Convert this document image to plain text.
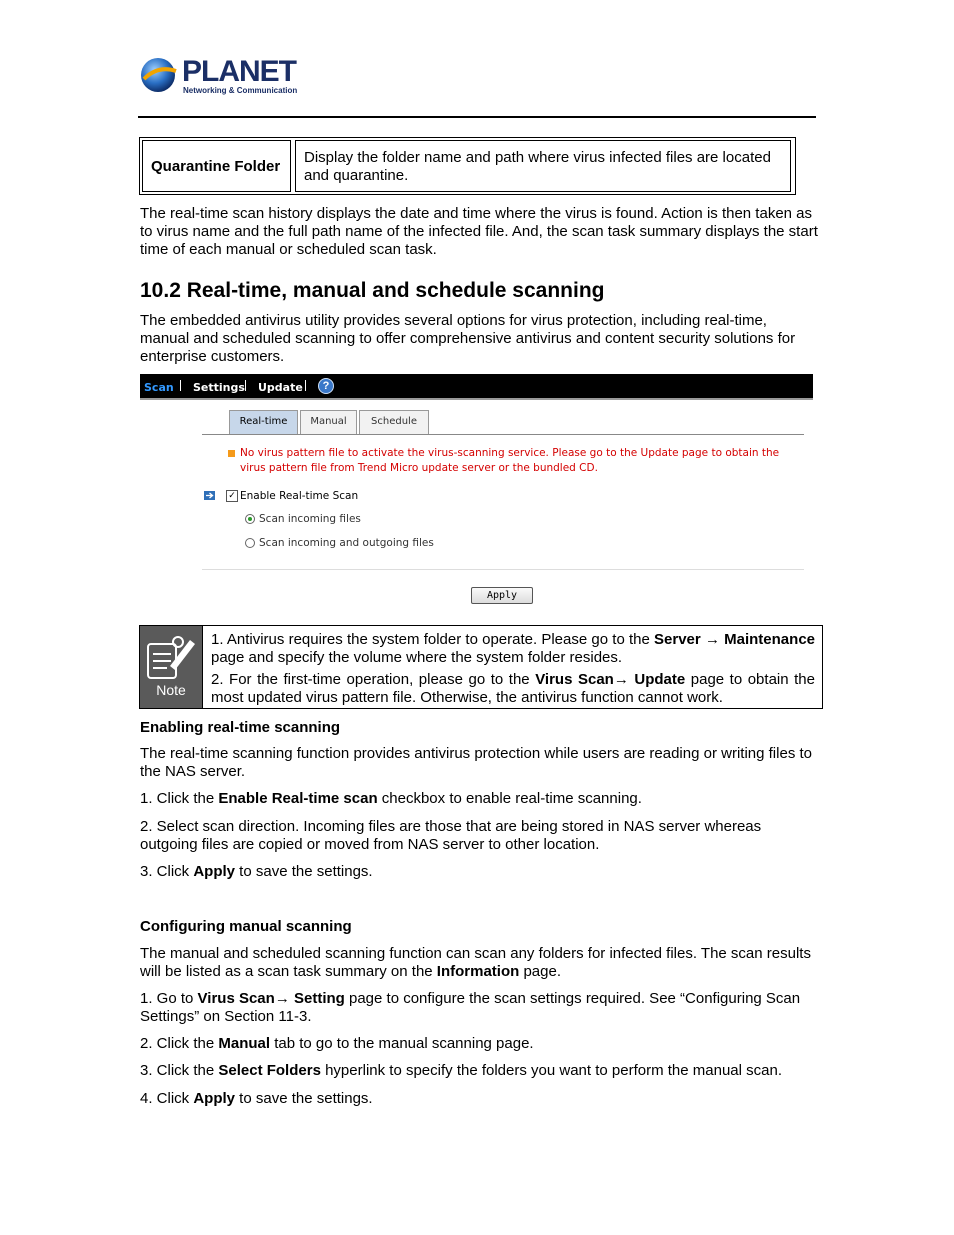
PLANET
Networking & Communication
Quarantine Folder	Display the folder name and path where virus infected files are located and quarantine.
The real-time scan history displays the date and time where the virus is found. Action is then taken as to virus name and the full path name of the infected file. And, the scan task summary displays the start time of each manual or scheduled scan task.
10.2 Real-time, manual and schedule scanning
The embedded antivirus utility provides several options for virus protection, including real-time, manual and scheduled scanning to offer comprehensive antivirus and content security solutions for enterprise customers.
Scan Settings Update	?
Real-time	Manual	Schedule
No virus pattern file to activate the virus-scanning service. Please go to the Update page to obtain the virus pattern file from Trend Micro update server or the bundled CD.
✓ Enable Real-time Scan
Scan incoming files
Scan incoming and outgoing files
Apply
Note
1. Antivirus requires the system folder to operate. Please go to the Server → Maintenance page and specify the volume where the system folder resides.
2. For the first-time operation, please go to the Virus Scan→ Update page to obtain the most updated virus pattern file. Otherwise, the antivirus function cannot work.
Enabling real-time scanning
The real-time scanning function provides antivirus protection while users are reading or writing files to the NAS server.
1. Click the Enable Real-time scan checkbox to enable real-time scanning.
2. Select scan direction. Incoming files are those that are being stored in NAS server whereas outgoing files are copied or moved from NAS server to other location.
3. Click Apply to save the settings.
Configuring manual scanning
The manual and scheduled scanning function can scan any folders for infected files. The scan results will be listed as a scan task summary on the Information page.
1. Go to Virus Scan→ Setting page to configure the scan settings required. See “Configuring Scan Settings” on Section 11-3.
2. Click the Manual tab to go to the manual scanning page.
3. Click the Select Folders hyperlink to specify the folders you want to perform the manual scan.
4. Click Apply to save the settings.
